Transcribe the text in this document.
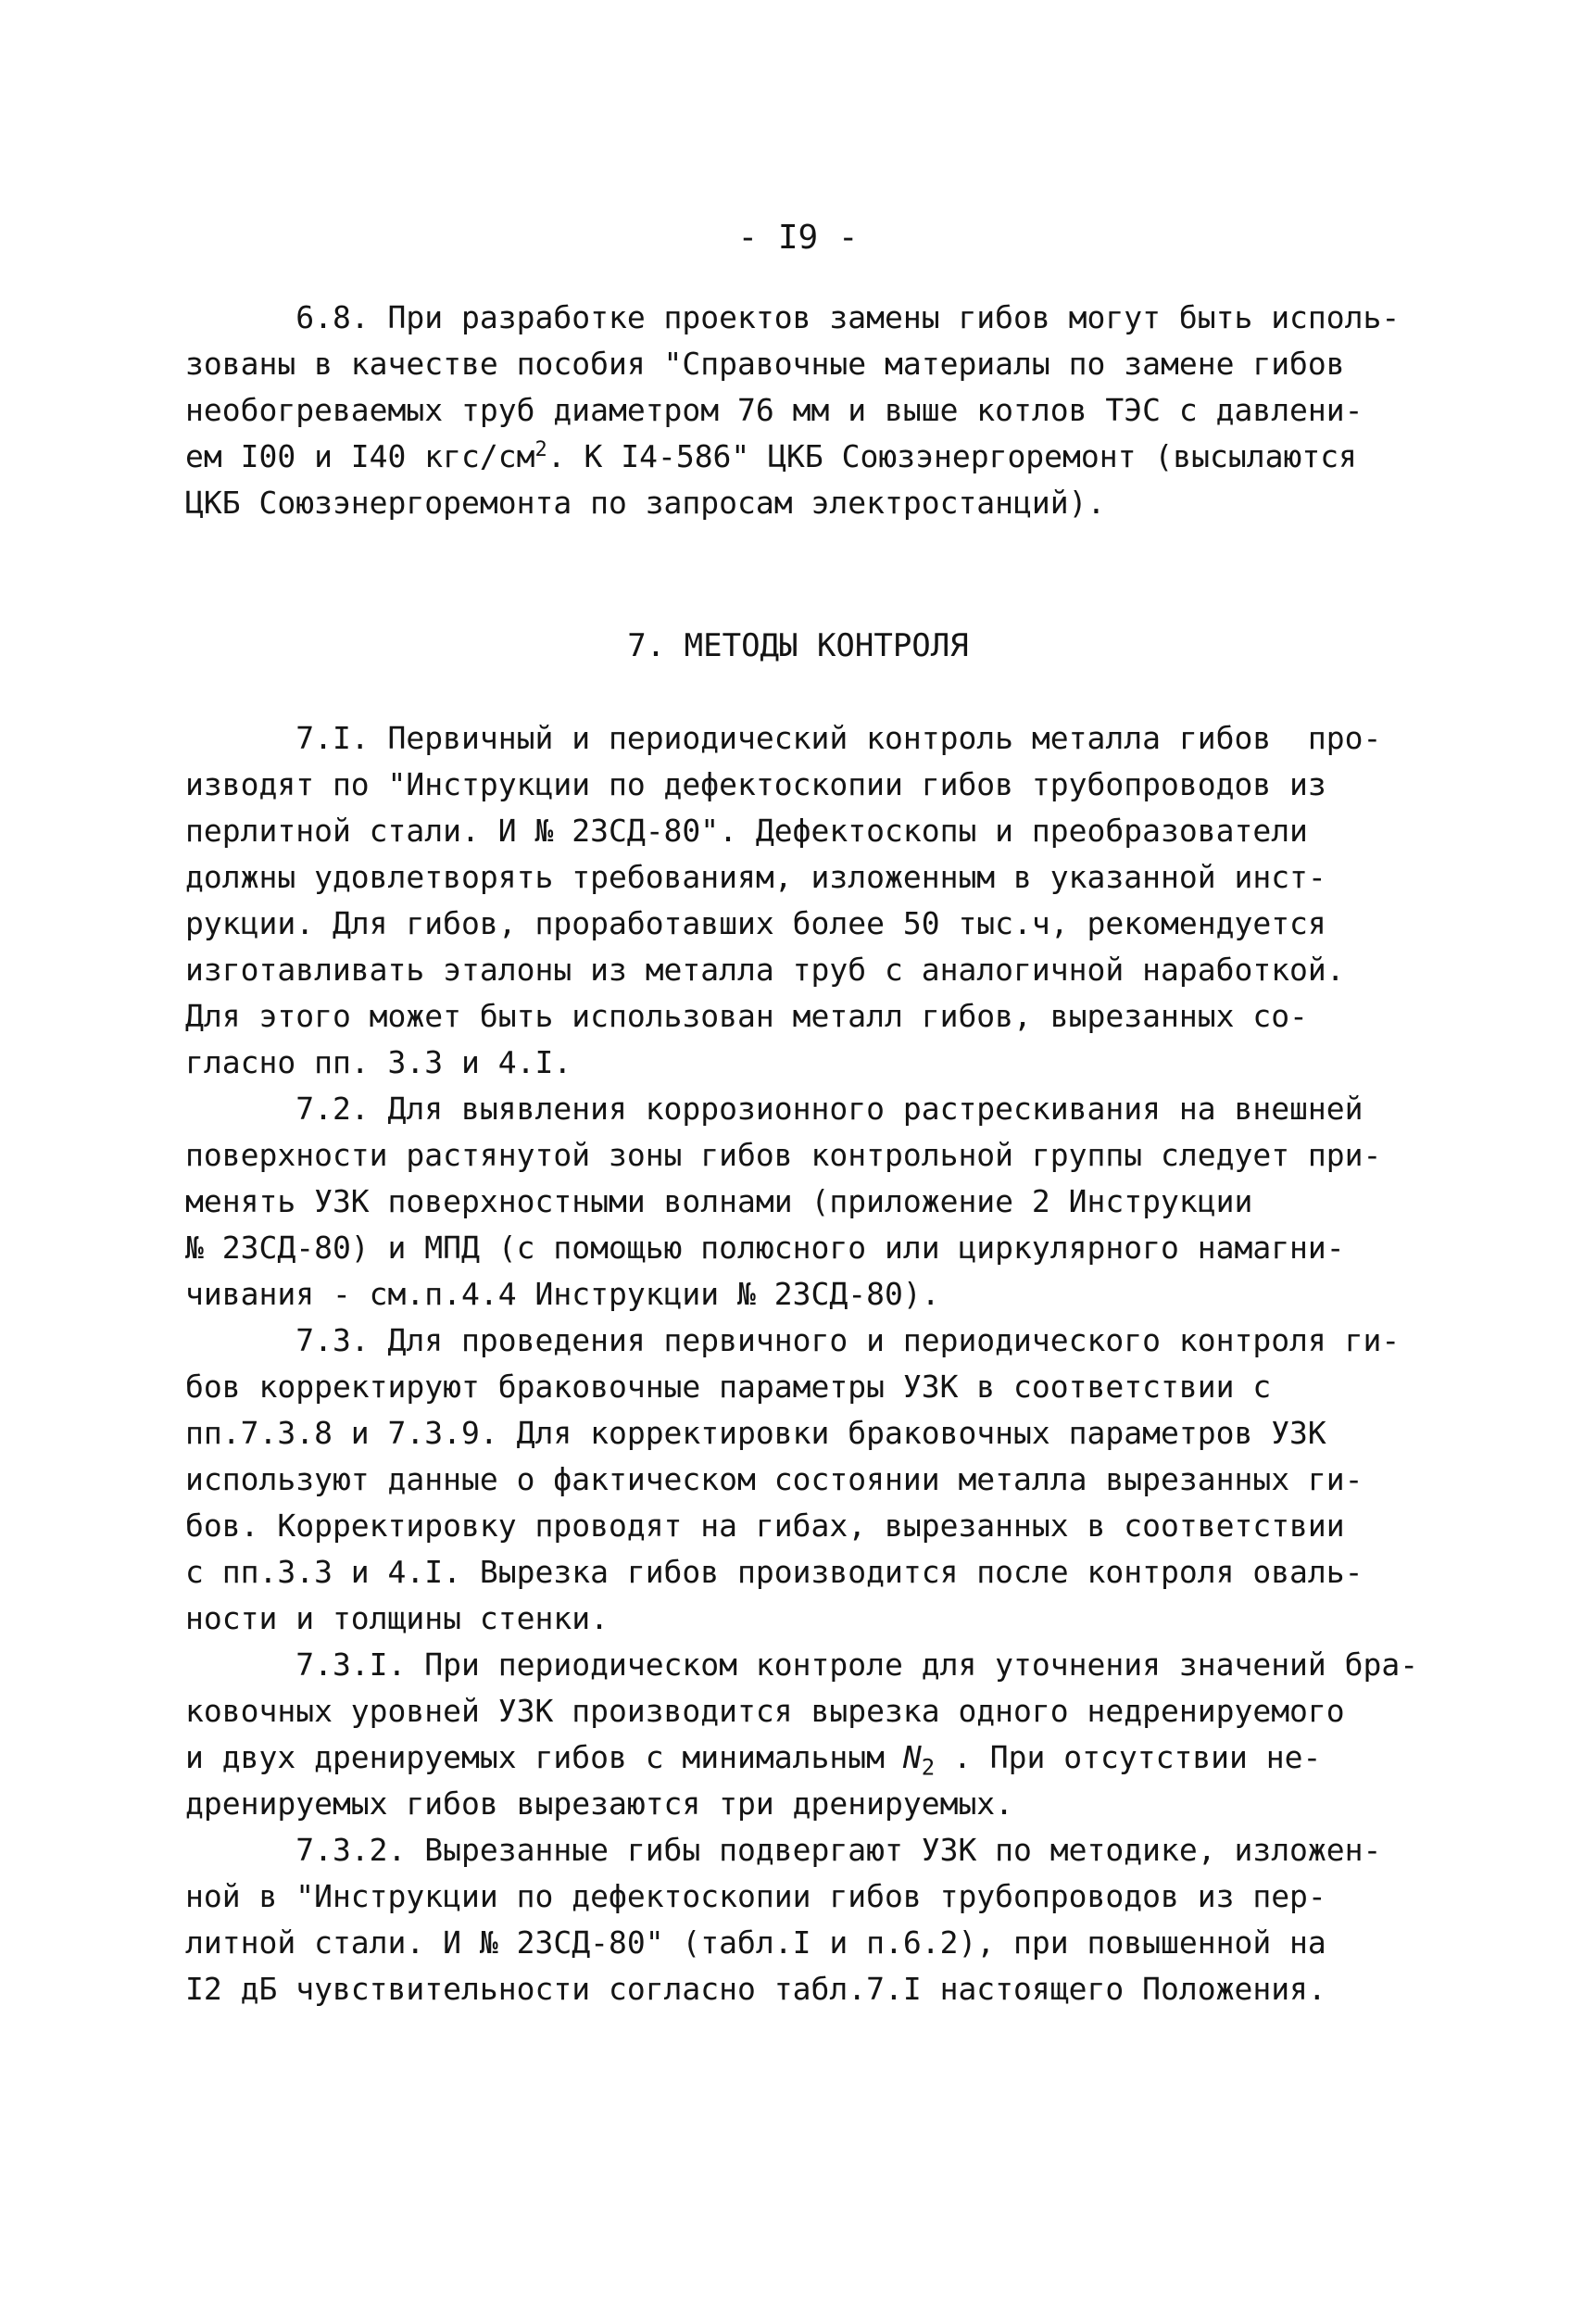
- I9 -
6.8. При разработке проектов замены гибов могут быть исполь-
зованы в качестве пособия "Справочные материалы по замене гибов
необогреваемых труб диаметром 76 мм и выше котлов ТЭС с давлени-
ем I00 и I40 кгс/$см^2$. К I4-586" ЦКБ Союзэнергоремонт (высылаются
ЦКБ Союзэнергоремонта по запросам электростанций).
7. МЕТОДЫ КОНТРОЛЯ
7.I. Первичный и периодический контроль металла гибов  про-
изводят по "Инструкции по дефектоскопии гибов трубопроводов из
перлитной стали. И № 23СД-80". Дефектоскопы и преобразователи
должны удовлетворять требованиям, изложенным в указанной инст-
рукции. Для гибов, проработавших более 50 тыс.ч, рекомендуется
изготавливать эталоны из металла труб с аналогичной наработкой.
Для этого может быть использован металл гибов, вырезанных со-
гласно пп. 3.3 и 4.I.
7.2. Для выявления коррозионного растрескивания на внешней
поверхности растянутой зоны гибов контрольной группы следует при-
менять УЗК поверхностными волнами (приложение 2 Инструкции
№ 23СД-80) и МПД (с помощью полюсного или циркулярного намагни-
чивания - см.п.4.4 Инструкции № 23СД-80).
7.3. Для проведения первичного и периодического контроля ги-
бов корректируют браковочные параметры УЗК в соответствии с
пп.7.3.8 и 7.3.9. Для корректировки браковочных параметров УЗК
используют данные о фактическом состоянии металла вырезанных ги-
бов. Корректировку проводят на гибах, вырезанных в соответствии
с пп.3.3 и 4.I. Вырезка гибов производится после контроля оваль-
ности и толщины стенки.
7.3.I. При периодическом контроле для уточнения значений бра-
ковочных уровней УЗК производится вырезка одного недренируемого
и двух дренируемых гибов с минимальным $N_2$ . При отсутствии не-
дренируемых гибов вырезаются три дренируемых.
7.3.2. Вырезанные гибы подвергают УЗК по методике, изложен-
ной в "Инструкции по дефектоскопии гибов трубопроводов из пер-
литной стали. И № 23СД-80" (табл.I и п.6.2), при повышенной на
I2 дБ чувствительности согласно табл.7.I настоящего Положения.
